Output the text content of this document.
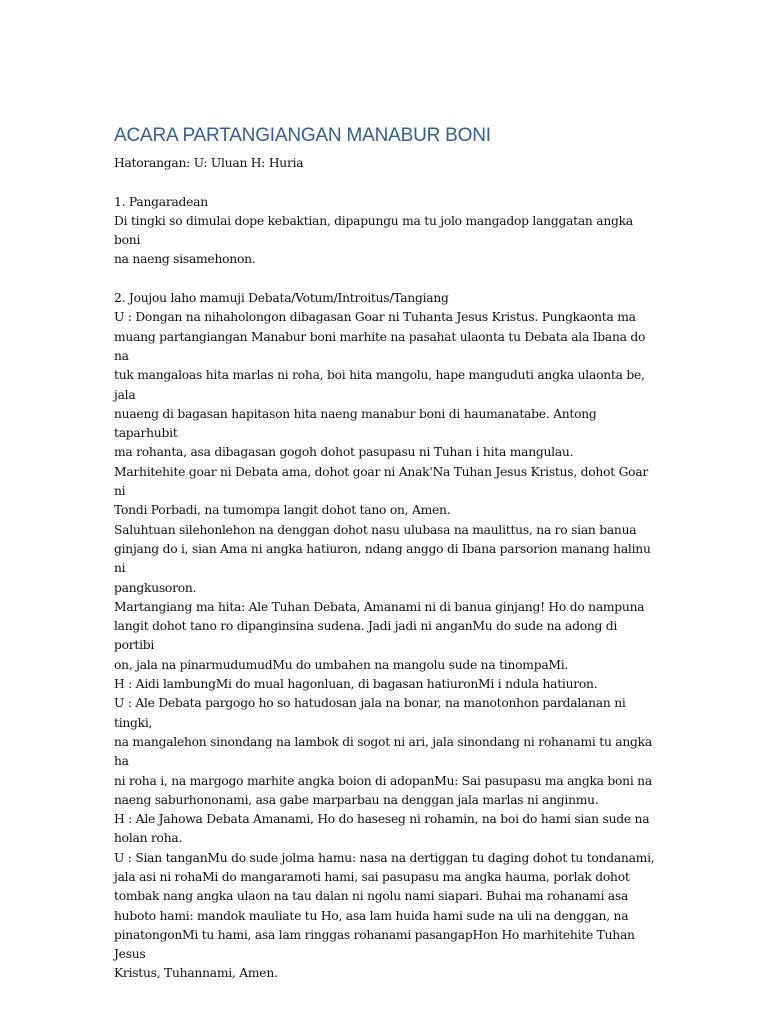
ACARA PARTANGIANGAN MANABUR BONI

Hatorangan: U: Uluan H: Huria

1. Pangaradean

Di tingki so dimulai dope kebaktian, dipapungu ma tu jolo mangadop langgatan angka boni

na naeng sisamehonon.

2. Joujou laho mamuji Debata/Votum/Introitus/Tangiang

U : Dongan na nihaholongon dibagasan Goar ni Tuhanta Jesus Kristus. Pungkaonta ma

muang partangiangan Manabur boni marhite na pasahat ulaonta tu Debata ala Ibana do na

tuk mangaloas hita marlas ni roha, boi hita mangolu, hape manguduti angka ulaonta be, jala

nuaeng di bagasan hapitason hita naeng manabur boni di haumanatabe. Antong taparhubit

ma rohanta, asa dibagasan gogoh dohot pasupasu ni Tuhan i hita mangulau.

Marhitehite goar ni Debata ama, dohot goar ni Anak'Na Tuhan Jesus Kristus, dohot Goar ni

Tondi Porbadi, na tumompa langit dohot tano on, Amen.

Saluhtuan silehonlehon na denggan dohot nasu ulubasa na maulittus, na ro sian banua

ginjang do i, sian Ama ni angka hatiuron, ndang anggo di Ibana parsorion manang halinu ni

pangkusoron.

Martangiang ma hita: Ale Tuhan Debata, Amanami ni di banua ginjang! Ho do nampuna

langit dohot tano ro dipanginsina sudena. Jadi jadi ni anganMu do sude na adong di portibi

on, jala na pinarmudumudMu do umbahen na mangolu sude na tinompaMi.

H : Aidi lambungMi do mual hagonluan, di bagasan hatiuronMi i ndula hatiuron.

U : Ale Debata pargogo ho so hatudosan jala na bonar, na manotonhon pardalanan ni tingki,

na mangalehon sinondang na lambok di sogot ni ari, jala sinondang ni rohanami tu angka ha

ni roha i, na margogo marhite angka boion di adopanMu: Sai pasupasu ma angka boni na

naeng saburhononami, asa gabe marparbau na denggan jala marlas ni anginmu.

H : Ale Jahowa Debata Amanami, Ho do haseseg ni rohamin, na boi do hami sian sude na

holan roha.

U : Sian tanganMu do sude jolma hamu: nasa na dertiggan tu daging dohot tu tondanami,

jala asi ni rohaMi do mangaramoti hami, sai pasupasu ma angka hauma, porlak dohot

tombak nang angka ulaon na tau dalan ni ngolu nami siapari. Buhai ma rohanami asa

huboto hami: mandok mauliate tu Ho, asa lam huida hami sude na uli na denggan, na

pinatongonMi tu hami, asa lam ringgas rohanami pasangapHon Ho marhitehite Tuhan Jesus

Kristus, Tuhannami, Amen.
